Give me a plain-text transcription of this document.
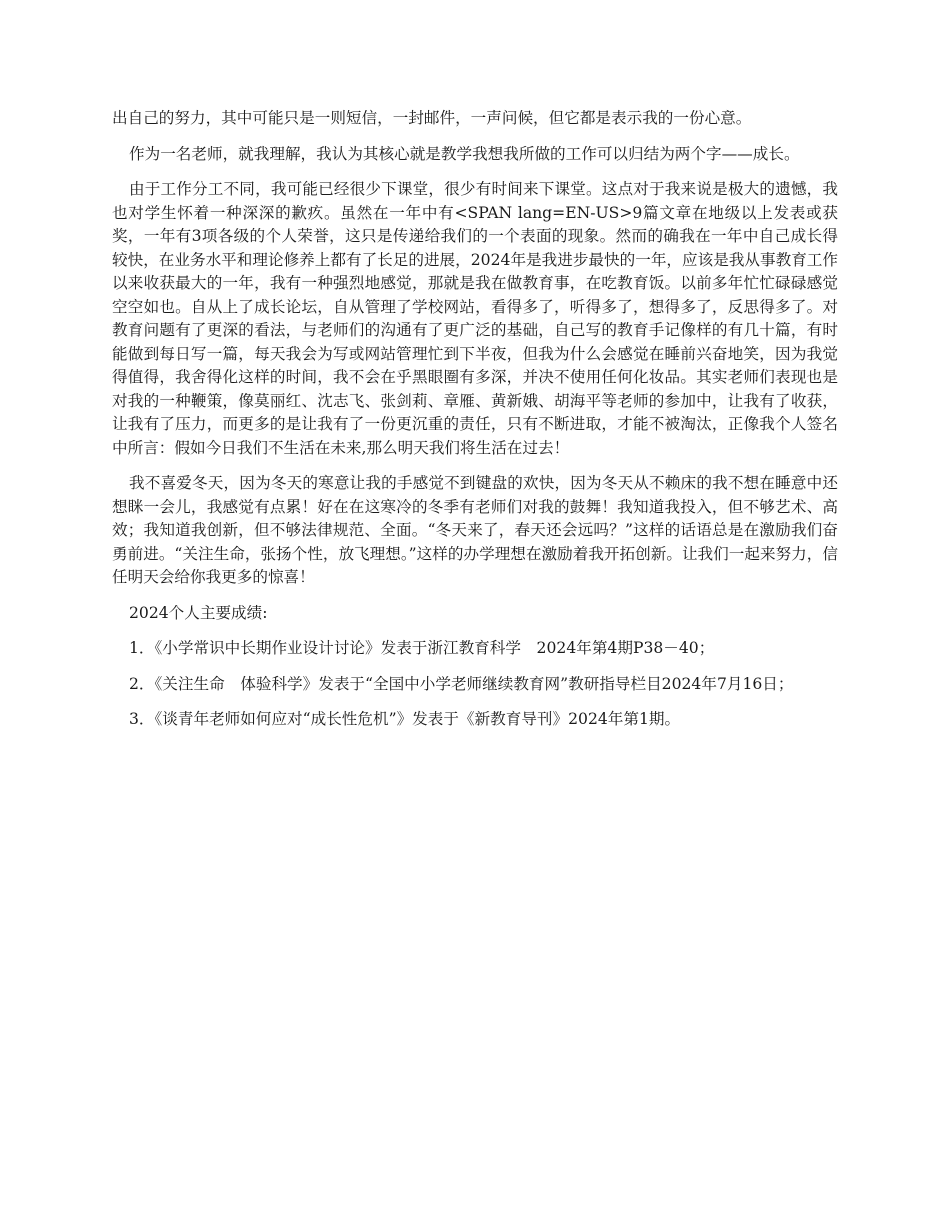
出自己的努力，其中可能只是一则短信，一封邮件，一声问候，但它都是表示我的一份心意。

作为一名老师，就我理解，我认为其核心就是教学我想我所做的工作可以归结为两个字——成长。

由于工作分工不同，我可能已经很少下课堂，很少有时间来下课堂。这点对于我来说是极大的遗憾，我也对学生怀着一种深深的歉疚。虽然在一年中有<SPAN lang=EN-US>9篇文章在地级以上发表或获奖，一年有3项各级的个人荣誉，这只是传递给我们的一个表面的现象。然而的确我在一年中自己成长得较快，在业务水平和理论修养上都有了长足的进展，2024年是我进步最快的一年，应该是我从事教育工作以来收获最大的一年，我有一种强烈地感觉，那就是我在做教育事，在吃教育饭。以前多年忙忙碌碌感觉空空如也。自从上了成长论坛，自从管理了学校网站，看得多了，听得多了，想得多了，反思得多了。对教育问题有了更深的看法，与老师们的沟通有了更广泛的基础，自己写的教育手记像样的有几十篇，有时能做到每日写一篇，每天我会为写或网站管理忙到下半夜，但我为什么会感觉在睡前兴奋地笑，因为我觉得值得，我舍得化这样的时间，我不会在乎黑眼圈有多深，并决不使用任何化妆品。其实老师们表现也是对我的一种鞭策，像莫丽红、沈志飞、张剑莉、章雁、黄新娥、胡海平等老师的参加中，让我有了收获，让我有了压力，而更多的是让我有了一份更沉重的责任，只有不断进取，才能不被淘汰，正像我个人签名中所言：假如今日我们不生活在未来,那么明天我们将生活在过去！

我不喜爱冬天，因为冬天的寒意让我的手感觉不到键盘的欢快，因为冬天从不赖床的我不想在睡意中还想眯一会儿，我感觉有点累！好在在这寒冷的冬季有老师们对我的鼓舞！我知道我投入，但不够艺术、高效；我知道我创新，但不够法律规范、全面。“冬天来了，春天还会远吗？”这样的话语总是在激励我们奋勇前进。“关注生命，张扬个性，放飞理想。”这样的办学理想在激励着我开拓创新。让我们一起来努力，信任明天会给你我更多的惊喜！

2024个人主要成绩:

1．《小学常识中长期作业设计讨论》发表于浙江教育科学　2024年第4期P38－40；

2．《关注生命　体验科学》发表于“全国中小学老师继续教育网”教研指导栏目2024年7月16日；

3．《谈青年老师如何应对“成长性危机”》发表于《新教育导刊》2024年第1期。
